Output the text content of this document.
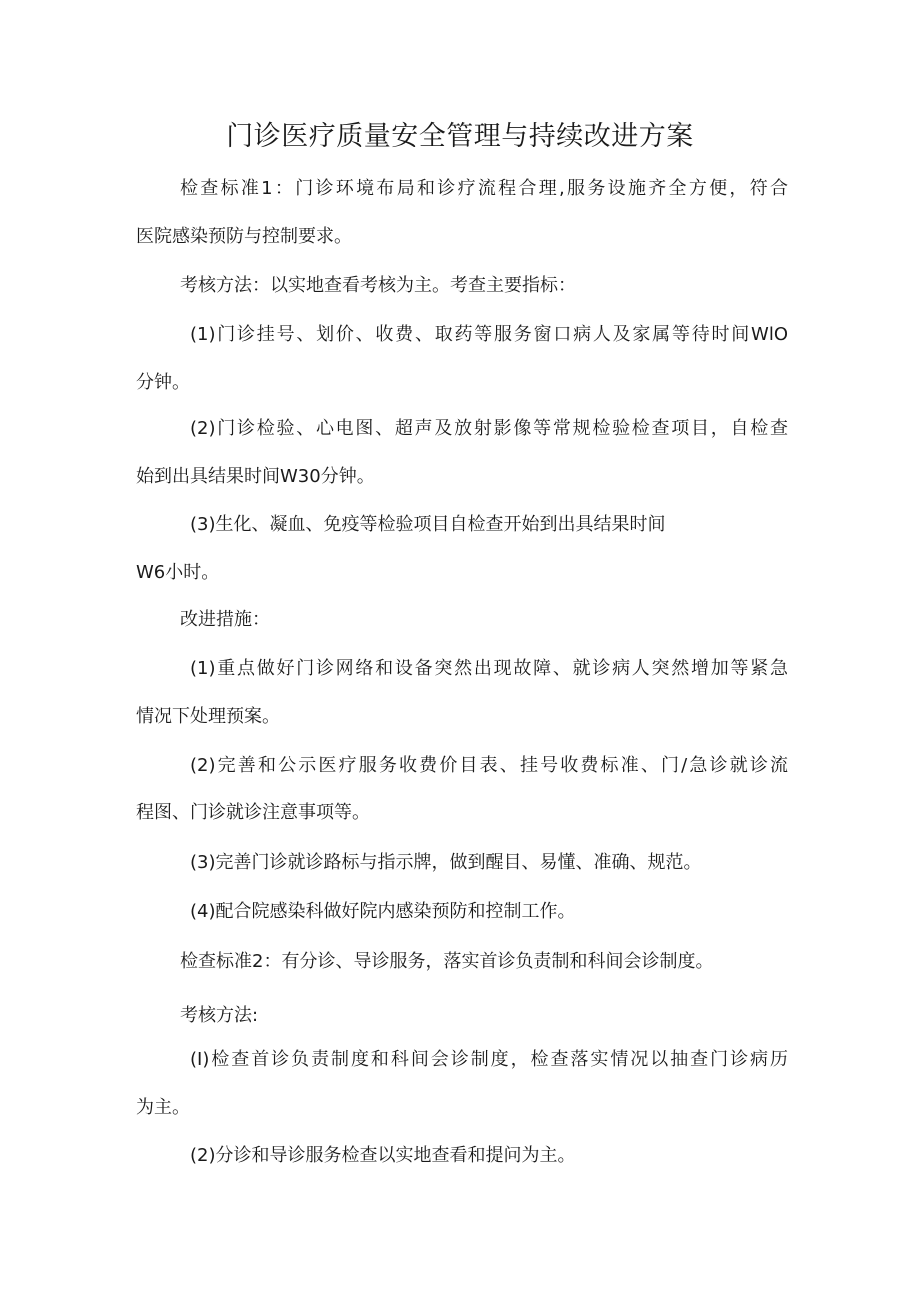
门诊医疗质量安全管理与持续改进方案

检查标准1：门诊环境布局和诊疗流程合理,服务设施齐全方便，符合

医院感染预防与控制要求。

考核方法：以实地查看考核为主。考查主要指标：

(1)门诊挂号、划价、收费、取药等服务窗口病人及家属等待时间WlO

分钟。

(2)门诊检验、心电图、超声及放射影像等常规检验检查项目，自检查

始到出具结果时间W30分钟。

(3)生化、凝血、免疫等检验项目自检查开始到出具结果时间

W6小时。

改进措施：

(1)重点做好门诊网络和设备突然出现故障、就诊病人突然增加等紧急

情况下处理预案。

(2)完善和公示医疗服务收费价目表、挂号收费标准、门/急诊就诊流

程图、门诊就诊注意事项等。

(3)完善门诊就诊路标与指示牌，做到醒目、易懂、准确、规范。

(4)配合院感染科做好院内感染预防和控制工作。

检查标准2：有分诊、导诊服务，落实首诊负责制和科间会诊制度。

考核方法:

(I)检查首诊负责制度和科间会诊制度，检查落实情况以抽查门诊病历

为主。

(2)分诊和导诊服务检查以实地查看和提问为主。
